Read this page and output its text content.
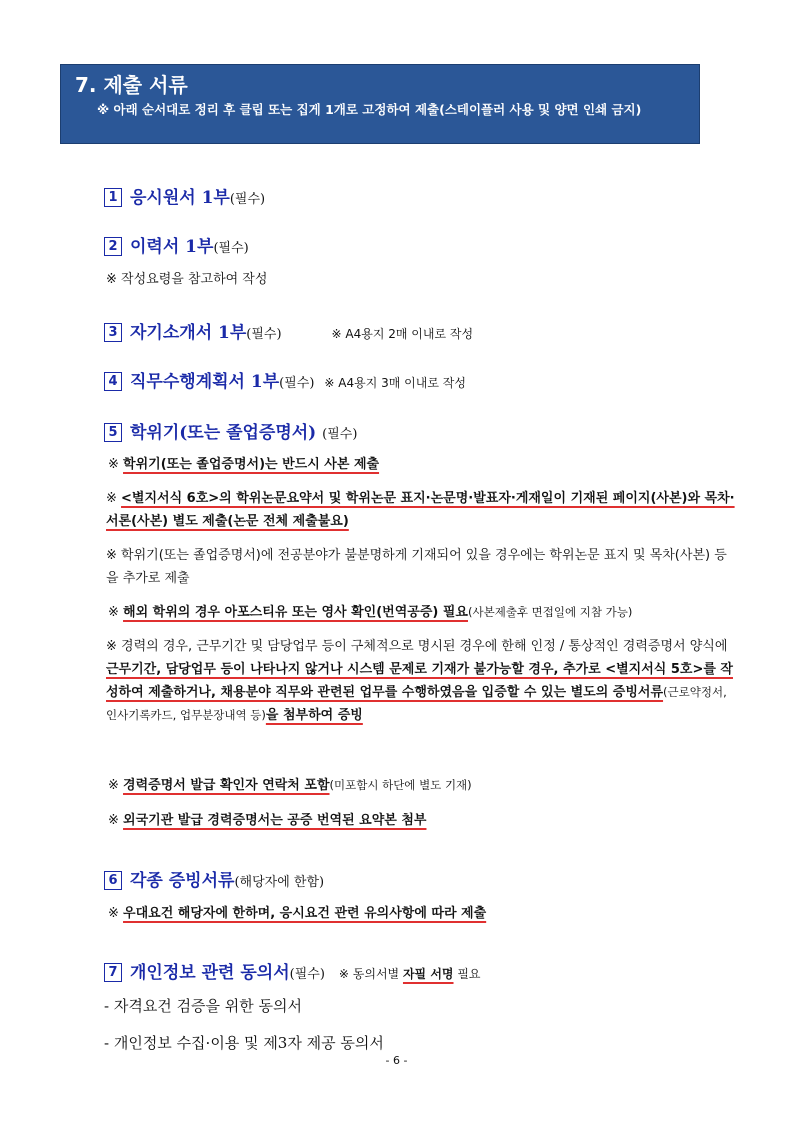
7. 제출 서류
※ 아래 순서대로 정리 후 클립 또는 집게 1개로 고정하여 제출(스테이플러 사용 및 양면 인쇄 금지)
1 응시원서 1부(필수)
2 이력서 1부(필수)
※ 작성요령을 참고하여 작성
3 자기소개서 1부(필수)	※ A4용지 2매 이내로 작성
4 직무수행계획서 1부(필수) ※ A4용지 3매 이내로 작성
5 학위기(또는 졸업증명서) (필수)
※ 학위기(또는 졸업증명서)는 반드시 사본 제출
※ <별지서식 6호>의 학위논문요약서 및 학위논문 표지·논문명·발표자·게재일이 기재된 페이지(사본)와 목차·서론(사본) 별도 제출(논문 전체 제출불요)
※ 학위기(또는 졸업증명서)에 전공분야가 불분명하게 기재되어 있을 경우에는 학위논문 표지 및 목차(사본) 등을 추가로 제출
※ 해외 학위의 경우 아포스티유 또는 영사 확인(번역공증) 필요(사본제출후 면접일에 지참 가능)
※ 경력의 경우, 근무기간 및 담당업무 등이 구체적으로 명시된 경우에 한해 인정 / 통상적인 경력증명서 양식에 근무기간, 담당업무 등이 나타나지 않거나 시스템 문제로 기재가 불가능할 경우, 추가로 <별지서식 5호>를 작성하여 제출하거나, 채용분야 직무와 관련된 업무를 수행하였음을 입증할 수 있는 별도의 증빙서류(근로약정서, 인사기록카드, 업무분장내역 등)을 첨부하여 증빙
※ 경력증명서 발급 확인자 연락처 포함(미포함시 하단에 별도 기재)
※ 외국기관 발급 경력증명서는 공증 번역된 요약본 첨부
6 각종 증빙서류(해당자에 한함)
※ 우대요건 해당자에 한하며, 응시요건 관련 유의사항에 따라 제출
7 개인정보 관련 동의서(필수) ※ 동의서별 자필 서명 필요
- 자격요건 검증을 위한 동의서
- 개인정보 수집·이용 및 제3자 제공 동의서
- 6 -
